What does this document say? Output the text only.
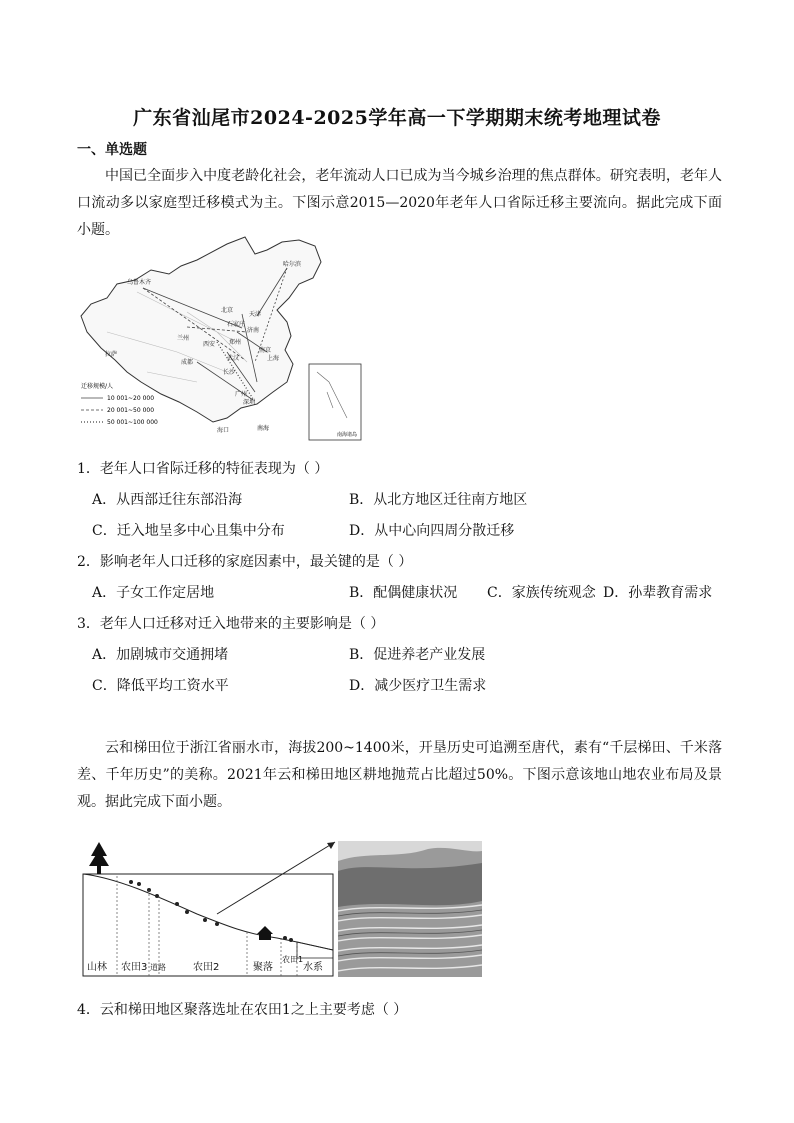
广东省汕尾市2024-2025学年高一下学期期末统考地理试卷
一、单选题
中国已全面步入中度老龄化社会，老年流动人口已成为当今城乡治理的焦点群体。研究表明，老年人口流动多以家庭型迁移模式为主。下图示意2015—2020年老年人口省际迁移主要流向。据此完成下面小题。
哈尔滨
乌鲁木齐
北京
天津
石家庄
济南
郑州
西安
兰州
成都
武汉
南京
上海
长沙
广州
深圳
海口
拉萨
迁移规模/人
10 001~20 000
20 001~50 000
50 001~100 000
南海
南海诸岛
1．老年人口省际迁移的特征表现为（ ）
A．从西部迁往东部沿海	B．从北方地区迁往南方地区
C．迁入地呈多中心且集中分布	D．从中心向四周分散迁移
2．影响老年人口迁移的家庭因素中，最关键的是（ ）
A．子女工作定居地	B．配偶健康状况 C．家族传统观念 D．孙辈教育需求
3．老年人口迁移对迁入地带来的主要影响是（ ）
A．加剧城市交通拥堵	B．促进养老产业发展
C．降低平均工资水平	D．减少医疗卫生需求
云和梯田位于浙江省丽水市，海拔200~1400米，开垦历史可追溯至唐代，素有“千层梯田、千米落差、千年历史”的美称。2021年云和梯田地区耕地抛荒占比超过50%。下图示意该地山地农业布局及景观。据此完成下面小题。
山林 农田3 道路	农田2	聚落
农田1
水系
4．云和梯田地区聚落选址在农田1之上主要考虑（ ）
